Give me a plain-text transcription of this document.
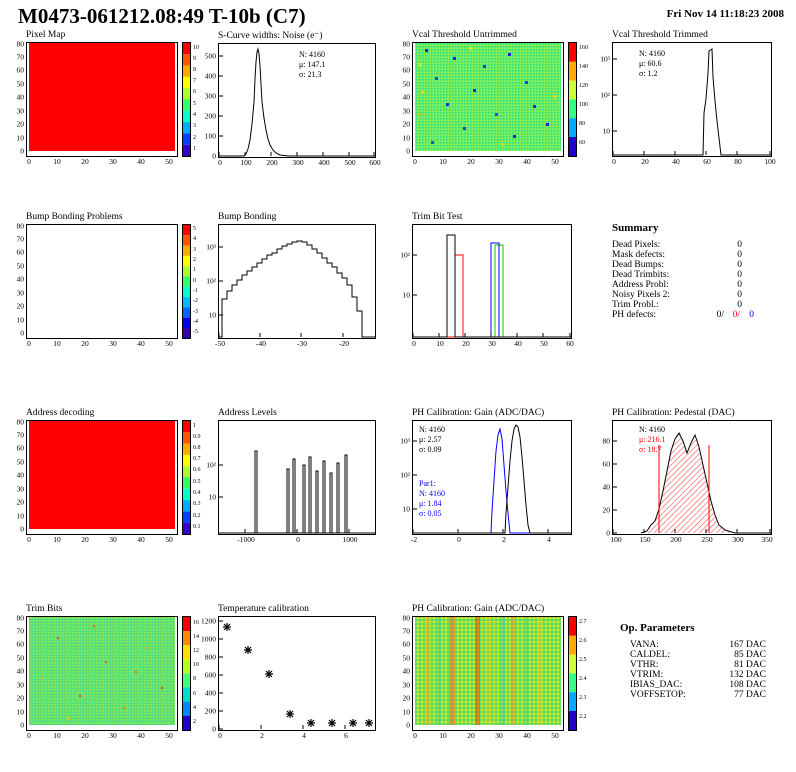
M0473-061212.08:49 T-10b (C7)	Fri Nov 14 11:18:23 2008
Pixel Map
0
10
20
30
40
50
60
70
80
0	10	20	30	40	50
10
9
8
7
6
5
4
3
2
1
S-Curve widths: Noise (e⁻)
0
100
200
300
400
500
0 100 200 300 400 500 600
N: 4160
μ: 147.1
σ: 21.3
Vcal Threshold Untrimmed
0
10
20
30
40
50
60
70
80
0	10	20	30	40	50
160
140
120
100
80
60
Vcal Threshold Trimmed
10
10²
10³
0	20	40	60	80	100
N: 4160
μ: 60.6
σ: 1.2
Bump Bonding Problems
0
10
20
30
40
50
60
70
80
0	10	20	30	40	50
5
4
3
2
1
0
-1
-2
-3
-4
-5
Bump Bonding
10
10²
10³
-50	-40	-30	-20
Trim Bit Test
10
10²
0	10 20 30 40 50 60
Summary
Dead Pixels:	0
Mask defects:	0
Dead Bumps:	0
Dead Trimbits:	0
Address Probl:	0
Noisy Pixels 2:	0
Trim Probl.:	0
PH defects:	0/ 0/ 0
Address decoding
0
10
20
30
40
50
60
70
80
0	10	20	30	40	50
1
0.9
0.8
0.7
0.6
0.5
0.4
0.3
0.2
0.1
Address Levels
10
10²
-1000	0	1000
PH Calibration: Gain (ADC/DAC)
10
10²
10³
-2	0	2	4
N: 4160
μ: 2.57
σ: 0.09
Par1:
N: 4160
μ: 1.84
σ: 0.05
PH Calibration: Pedestal (DAC)
0
20
40
60
80
100 150	200	250	300 350
N: 4160
μ: 216.1
σ: 18.7
Trim Bits
0
10
20
30
40
50
60
70
80
0	10	20	30	40	50
16
14
12
10
8
6
4
2
Temperature calibration
0
200
400
600
800
1000
1200
0	2	4	6
PH Calibration: Gain (ADC/DAC)
0
10
20
30
40
50
60
70
80
0	10	20	30	40	50
2.7
2.6
2.5
2.4
2.3
2.2
Op. Parameters
VANA:	167 DAC
CALDEL:	85 DAC
VTHR:	81 DAC
VTRIM:	132 DAC
IBIAS_DAC:	108 DAC
VOFFSETOP:	77 DAC
